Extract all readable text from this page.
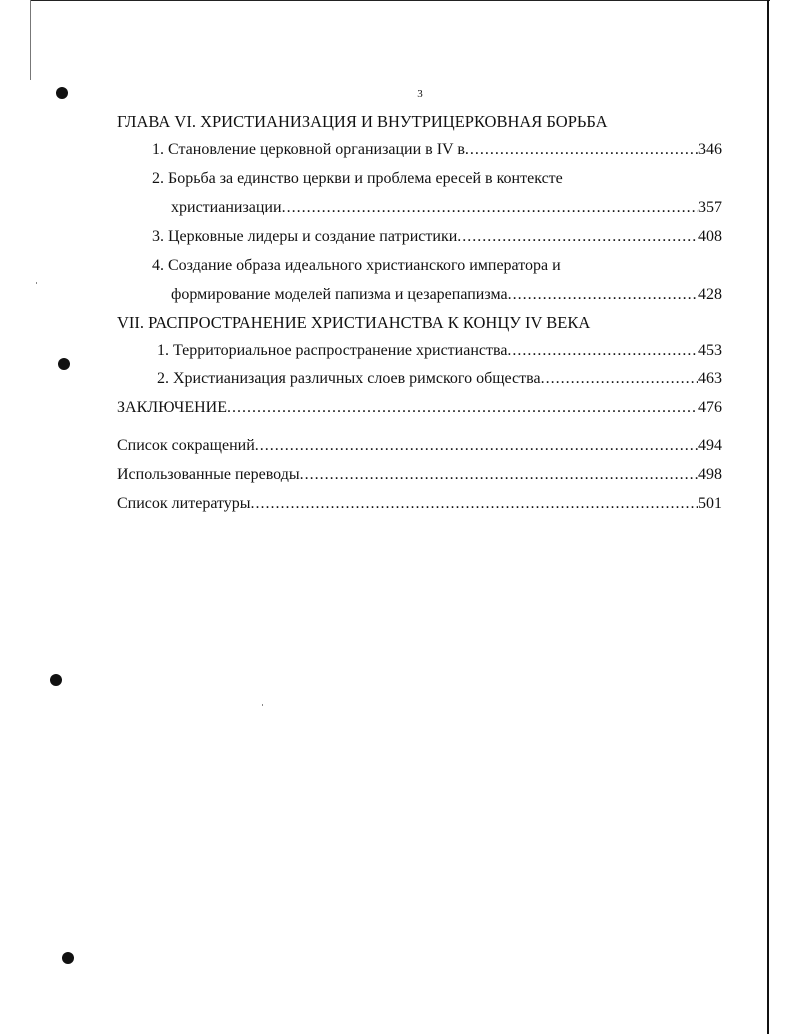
3
ГЛАВА VI. ХРИСТИАНИЗАЦИЯ И ВНУТРИЦЕРКОВНАЯ БОРЬБА
1. Становление церковной организации в IV в .....	346
2. Борьба за единство церкви и проблема ересей в контексте
христианизации .....	357
3. Церковные лидеры и создание патристики .....	408
4. Создание образа идеального христианского императора и
формирование моделей папизма и цезарепапизма .....	428
VII. РАСПРОСТРАНЕНИЕ ХРИСТИАНСТВА К КОНЦУ IV ВЕКА
1. Территориальное распространение христианства .....	453
2. Христианизация различных слоев римского общества .....	463
ЗАКЛЮЧЕНИЕ .....	476
Список сокращений .....	494
Использованные переводы .....	498
Список литературы .....	501
